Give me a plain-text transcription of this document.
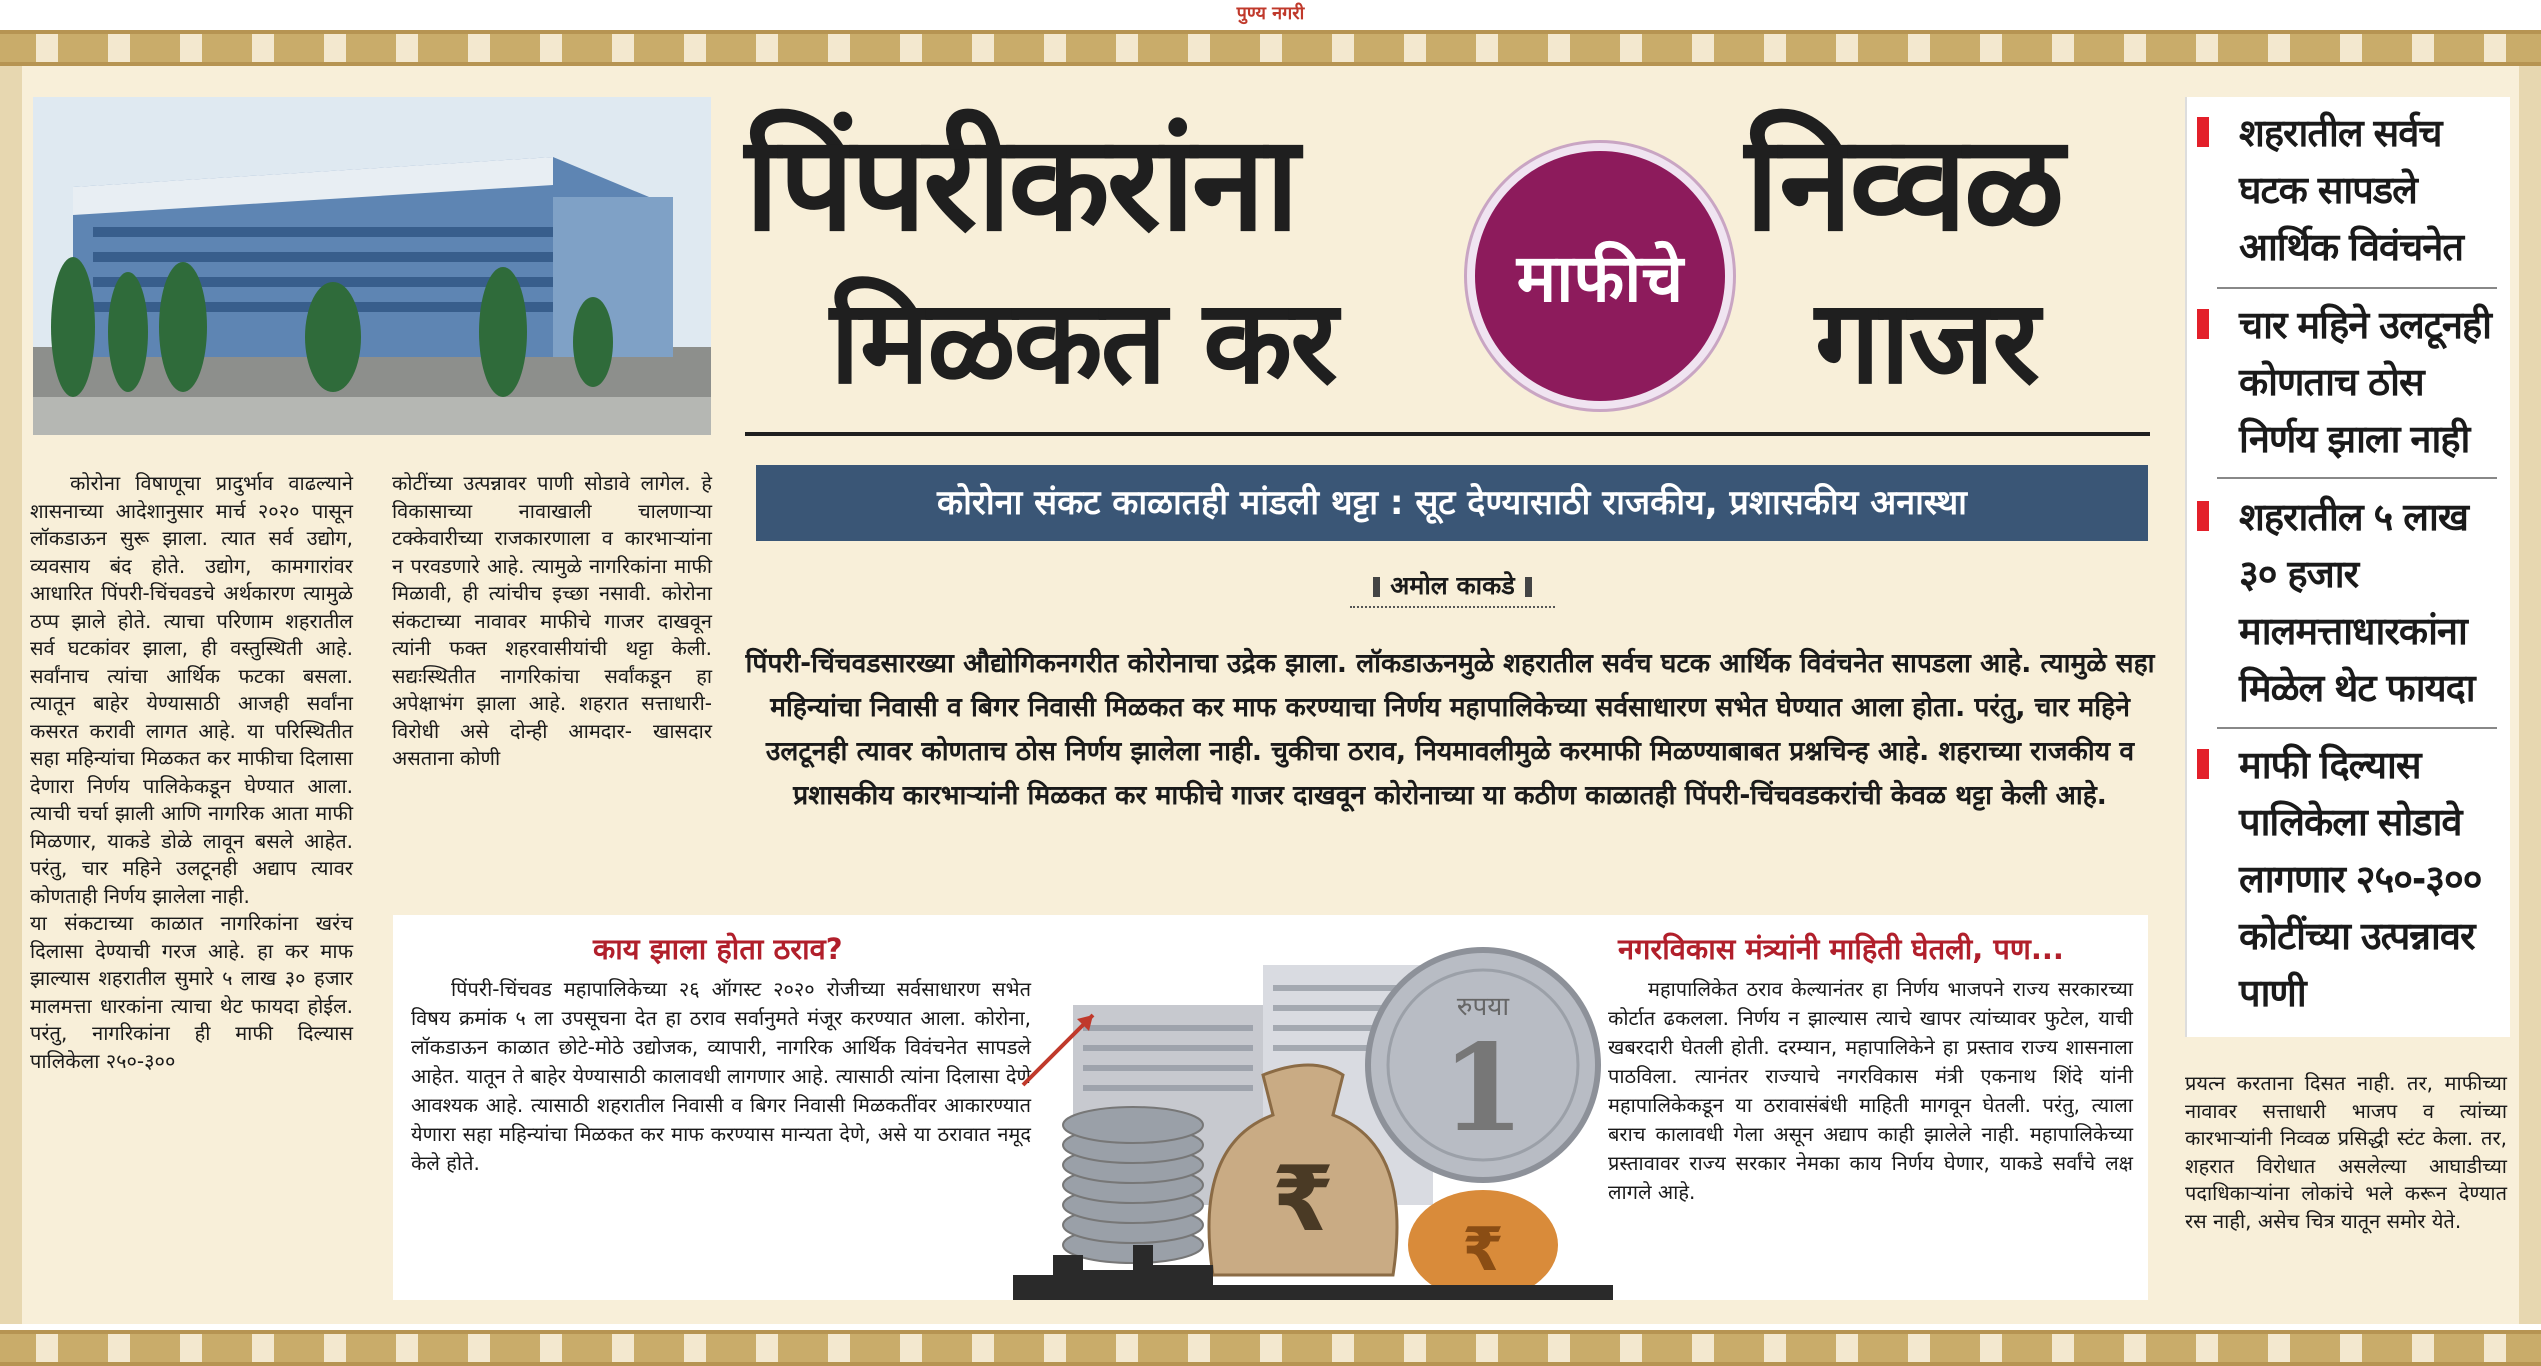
पुण्य नगरी
पिंपरीकरांना
मिळकत कर	माफीचे
निव्वळ
गाजर
कोरोना संकट काळातही मांडली थट्टा : सूट देण्यासाठी राजकीय, प्रशासकीय अनास्था
अमोल काकडे
पिंपरी-चिंचवडसारख्या औद्योगिकनगरीत कोरोनाचा उद्रेक झाला. लॉकडाऊनमुळे शहरातील सर्वच घटक आर्थिक विवंचनेत सापडला आहे. त्यामुळे सहा महिन्यांचा निवासी व बिगर निवासी मिळकत कर माफ करण्याचा निर्णय महापालिकेच्या सर्वसाधारण सभेत घेण्यात आला होता. परंतु, चार महिने उलटूनही त्यावर कोणताच ठोस निर्णय झालेला नाही. चुकीचा ठराव, नियमावलीमुळे करमाफी मिळण्याबाबत प्रश्नचिन्ह आहे. शहराच्या राजकीय व प्रशासकीय कारभाऱ्यांनी मिळकत कर माफीचे गाजर दाखवून कोरोनाच्या या कठीण काळातही पिंपरी-चिंचवडकरांची केवळ थट्टा केली आहे.

कोरोना विषाणूचा प्रादुर्भाव वाढल्याने शासनाच्या आदेशानुसार मार्च २०२० पासून लॉकडाऊन सुरू झाला. त्यात सर्व उद्योग, व्यवसाय बंद होते. उद्योग, कामगारांवर आधारित पिंपरी-चिंचवडचे अर्थकारण त्यामुळे ठप्प झाले होते. त्याचा परिणाम शहरातील सर्व घटकांवर झाला, ही वस्तुस्थिती आहे. सर्वांनाच त्यांचा आर्थिक फटका बसला. त्यातून बाहेर येण्यासाठी आजही सर्वांना कसरत करावी लागत आहे. या परिस्थितीत सहा महिन्यांचा मिळकत कर माफीचा दिलासा देणारा निर्णय पालिकेकडून घेण्यात आला. त्याची चर्चा झाली आणि नागरिक आता माफी मिळणार, याकडे डोळे लावून बसले आहेत. परंतु, चार महिने उलटूनही अद्याप त्यावर कोणताही निर्णय झालेला नाही.

या संकटाच्या काळात नागरिकांना खरंच दिलासा देण्याची गरज आहे. हा कर माफ झाल्यास शहरातील सुमारे ५ लाख ३० हजार मालमत्ता धारकांना त्याचा थेट फायदा होईल. परंतु, नागरिकांना ही माफी दिल्यास पालिकेला २५०-३००

कोटींच्या उत्पन्नावर पाणी सोडावे लागेल. हे विकासाच्या नावाखाली चालणाऱ्या टक्केवारीच्या राजकारणाला व कारभाऱ्यांना न परवडणारे आहे. त्यामुळे नागरिकांना माफी मिळावी, ही त्यांचीच इच्छा नसावी. कोरोना संकटाच्या नावावर माफीचे गाजर दाखवून त्यांनी फक्त शहरवासीयांची थट्टा केली. सद्यःस्थितीत नागरिकांचा सर्वांकडून हा अपेक्षाभंग झाला आहे. शहरात सत्ताधारी-विरोधी असे दोन्ही आमदार- खासदार असताना कोणी

शहरातील सर्वच घटक सापडले आर्थिक विवंचनेत
चार महिने उलटूनही कोणताच ठोस निर्णय झाला नाही
शहरातील ५ लाख ३० हजार मालमत्ताधारकांना मिळेल थेट फायदा
माफी दिल्यास पालिकेला सोडावे लागणार २५०-३०० कोटींच्या उत्पन्नावर पाणी

प्रयत्न करताना दिसत नाही. तर, माफीच्या नावावर सत्ताधारी भाजप व त्यांच्या कारभाऱ्यांनी निव्वळ प्रसिद्धी स्टंट केला. तर, शहरात विरोधात असलेल्या आघाडीच्या पदाधिकाऱ्यांना लोकांचे भले करून देण्यात रस नाही, असेच चित्र यातून समोर येते.

काय झाला होता ठराव?

पिंपरी-चिंचवड महापालिकेच्या २६ ऑगस्ट २०२० रोजीच्या सर्वसाधारण सभेत विषय क्रमांक ५ ला उपसूचना देत हा ठराव सर्वानुमते मंजूर करण्यात आला. कोरोना, लॉकडाऊन काळात छोटे-मोठे उद्योजक, व्यापारी, नागरिक आर्थिक विवंचनेत सापडले आहेत. यातून ते बाहेर येण्यासाठी कालावधी लागणार आहे. त्यासाठी त्यांना दिलासा देणे आवश्यक आहे. त्यासाठी शहरातील निवासी व बिगर निवासी मिळकतींवर आकारण्यात येणारा सहा महिन्यांचा मिळकत कर माफ करण्यास मान्यता देणे, असे या ठरावात नमूद केले होते.

रुपया
1
₹ ₹
नगरविकास मंत्र्यांनी माहिती घेतली, पण...

महापालिकेत ठराव केल्यानंतर हा निर्णय भाजपने राज्य सरकारच्या कोर्टात ढकलला. निर्णय न झाल्यास त्याचे खापर त्यांच्यावर फुटेल, याची खबरदारी घेतली होती. दरम्यान, महापालिकेने हा प्रस्ताव राज्य शासनाला पाठविला. त्यानंतर राज्याचे नगरविकास मंत्री एकनाथ शिंदे यांनी महापालिकेकडून या ठरावासंबंधी माहिती मागवून घेतली. परंतु, त्याला बराच कालावधी गेला असून अद्याप काही झालेले नाही. महापालिकेच्या प्रस्तावावर राज्य सरकार नेमका काय निर्णय घेणार, याकडे सर्वांचे लक्ष लागले आहे.
